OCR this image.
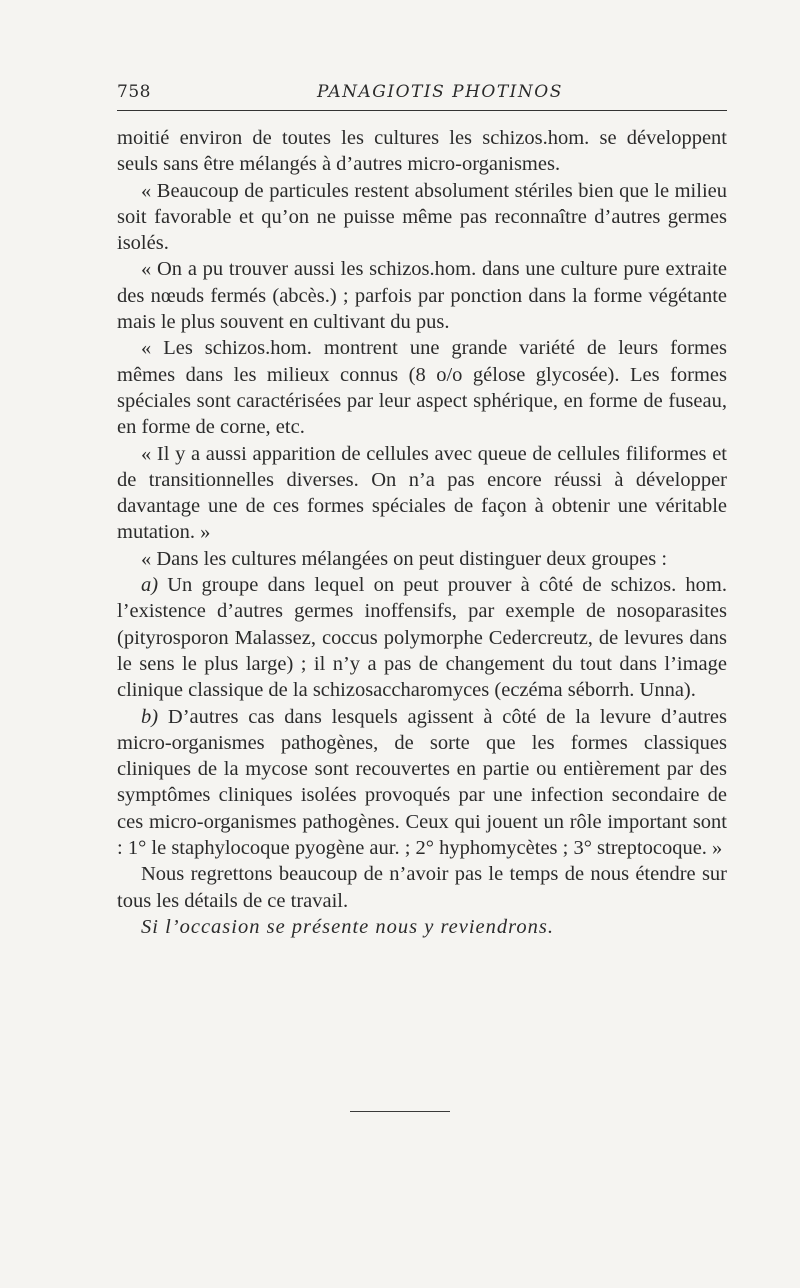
758	PANAGIOTIS PHOTINOS

moitié environ de toutes les cultures les schizos.hom. se développent seuls sans être mélangés à d’autres micro-organismes.

« Beaucoup de particules restent absolument stériles bien que le milieu soit favorable et qu’on ne puisse même pas reconnaître d’autres germes isolés.

« On a pu trouver aussi les schizos.hom. dans une culture pure extraite des nœuds fermés (abcès.) ; parfois par ponction dans la forme végétante mais le plus souvent en cultivant du pus.

« Les schizos.hom. montrent une grande variété de leurs formes mêmes dans les milieux connus (8 o/o gélose glycosée). Les formes spéciales sont caractérisées par leur aspect sphérique, en forme de fuseau, en forme de corne, etc.

« Il y a aussi apparition de cellules avec queue de cellules filiformes et de transitionnelles diverses. On n’a pas encore réussi à développer davantage une de ces formes spéciales de façon à obtenir une véritable mutation. »

« Dans les cultures mélangées on peut distinguer deux groupes :

a) Un groupe dans lequel on peut prouver à côté de schizos. hom. l’existence d’autres germes inoffensifs, par exemple de nosoparasites (pityrosporon Malassez, coccus polymorphe Cedercreutz, de levures dans le sens le plus large) ; il n’y a pas de changement du tout dans l’image clinique classique de la schizosaccharomyces (eczéma séborrh. Unna).

b) D’autres cas dans lesquels agissent à côté de la levure d’autres micro-organismes pathogènes, de sorte que les formes classiques cliniques de la mycose sont recouvertes en partie ou entièrement par des symptômes cliniques isolées provoqués par une infection secondaire de ces micro-organismes pathogènes. Ceux qui jouent un rôle important sont : 1° le staphylocoque pyogène aur. ; 2° hyphomycètes ; 3° streptocoque. »

Nous regrettons beaucoup de n’avoir pas le temps de nous étendre sur tous les détails de ce travail.

Si l’occasion se présente nous y reviendrons.
